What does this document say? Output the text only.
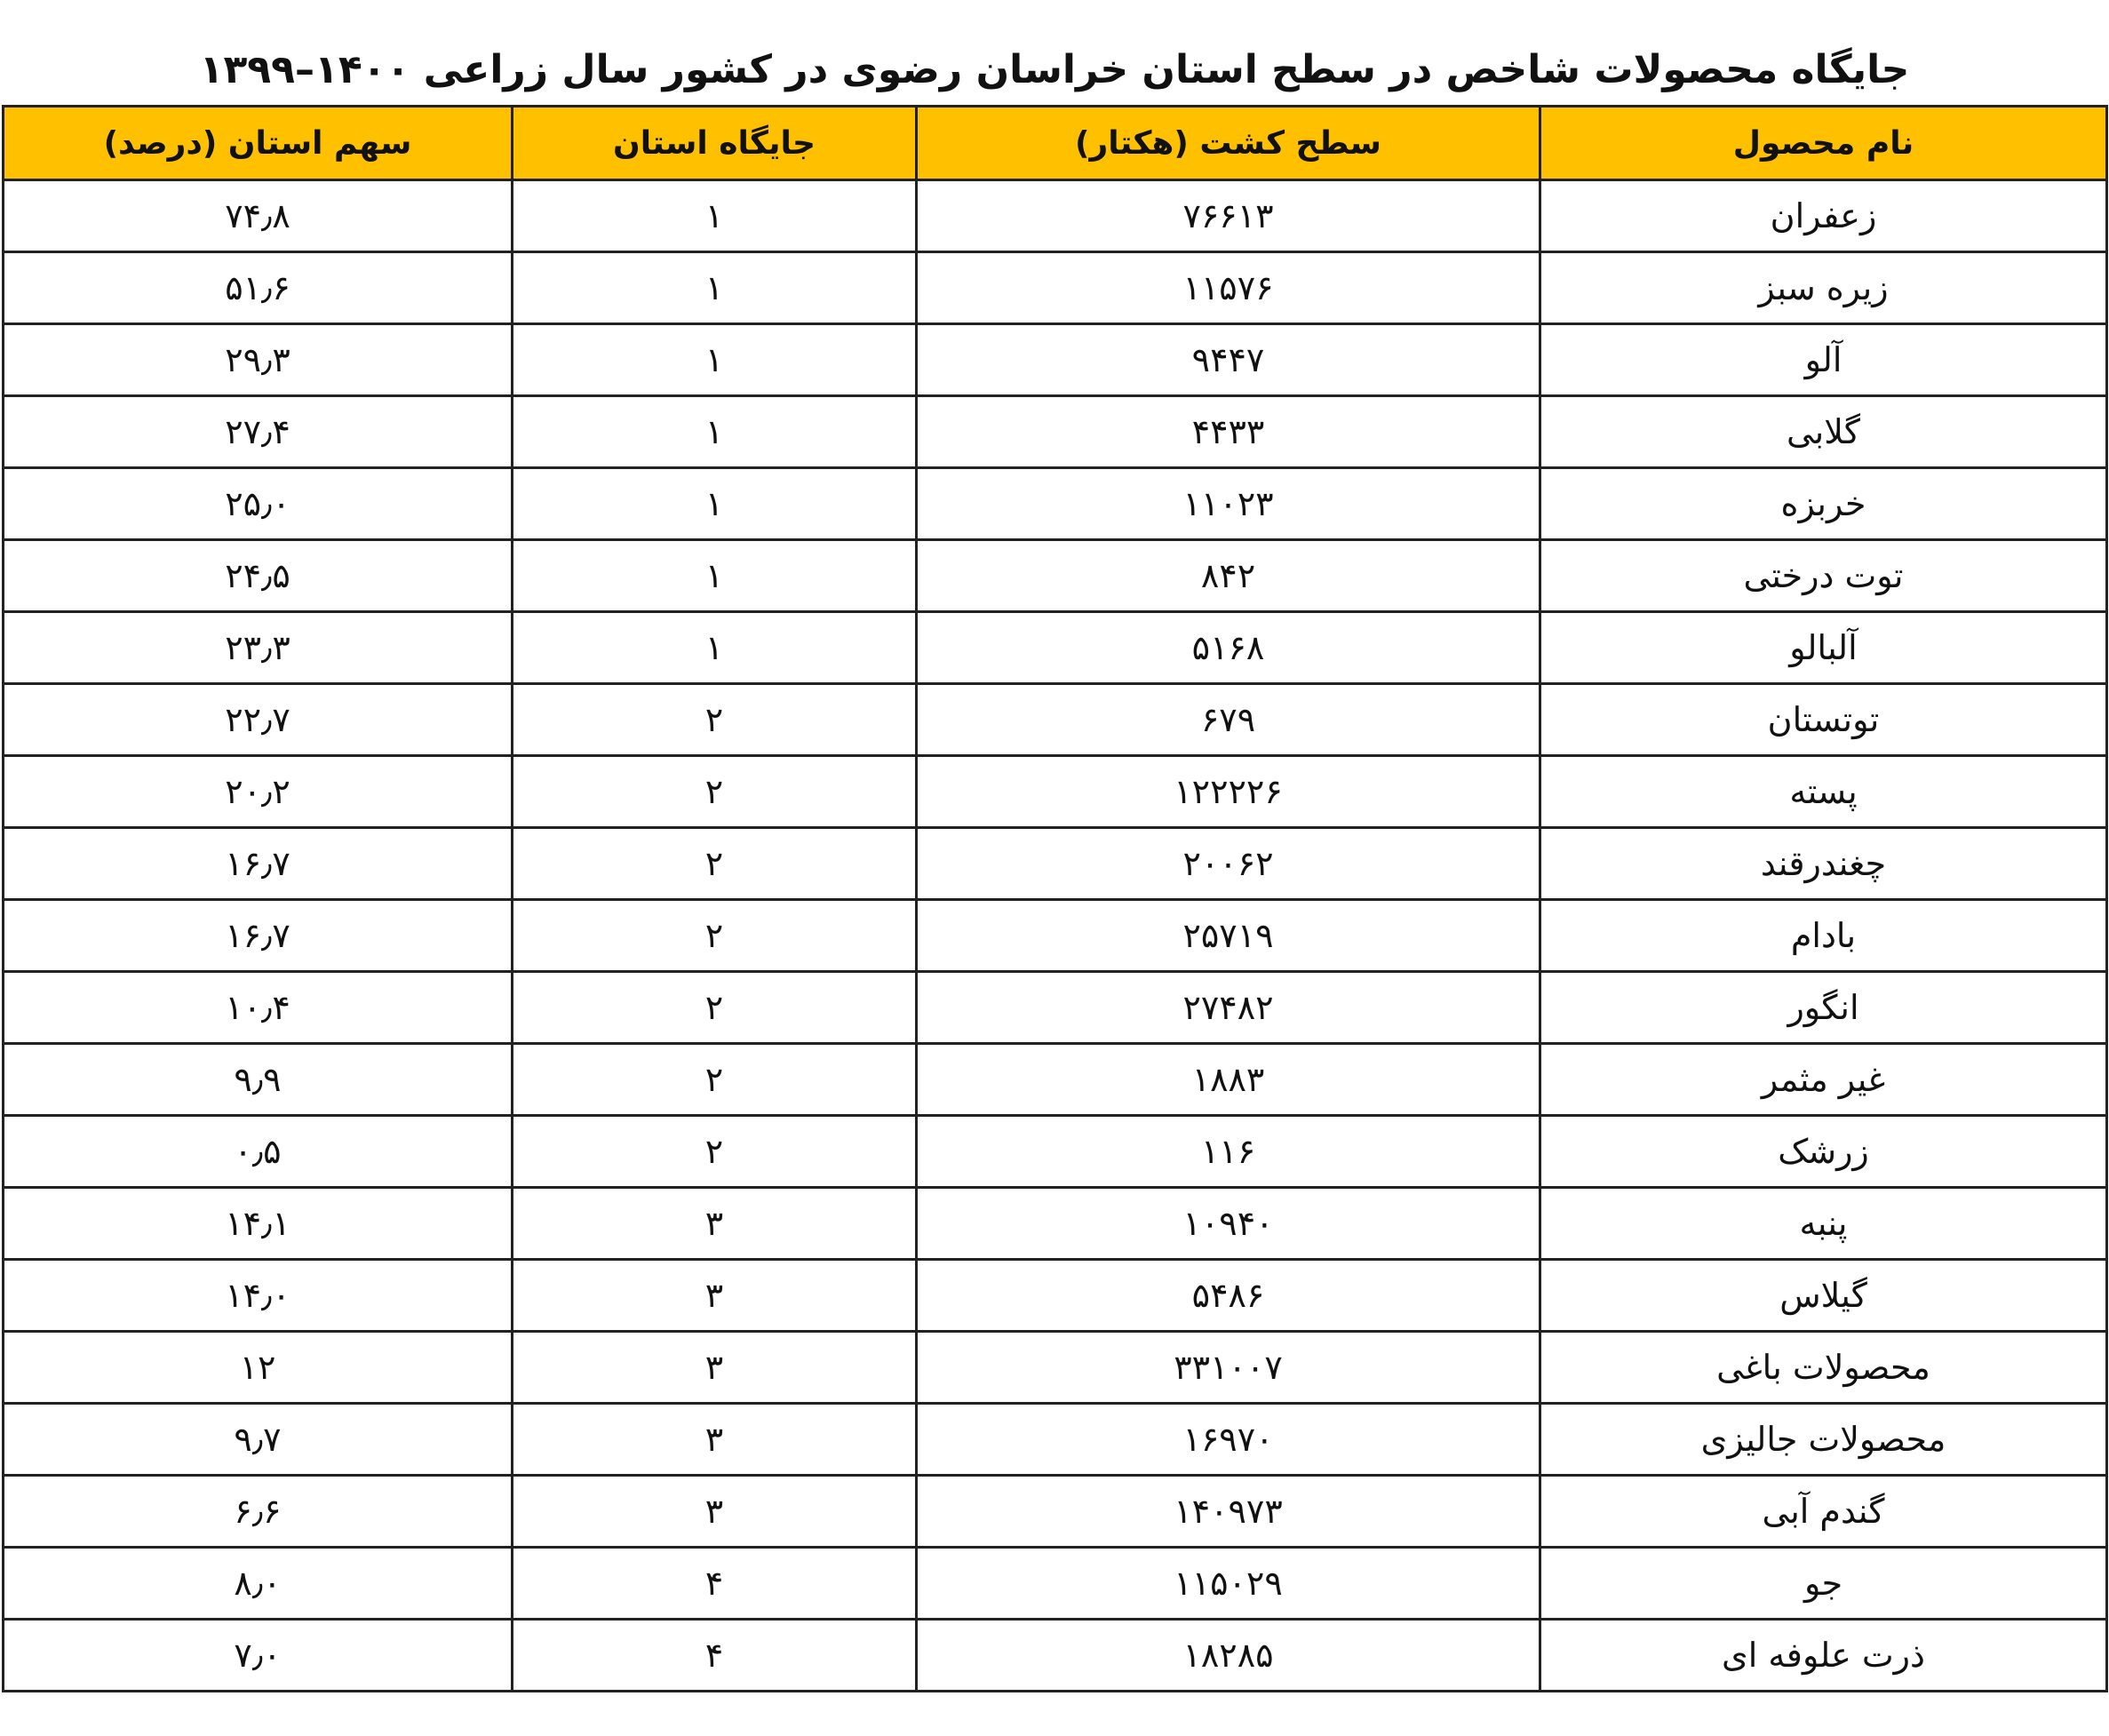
جایگاه محصولات شاخص در سطح استان خراسان رضوی در کشور سال زراعی ۱۴۰۰–۱۳۹۹
نام محصول	سطح کشت (هکتار)	جایگاه استان	سهم استان (درصد)
زعفران	۷۶۶۱۳	۱	۷۴٫۸
زیره سبز	۱۱۵۷۶	۱	۵۱٫۶
آلو	۹۴۴۷	۱	۲۹٫۳
گلابی	۴۴۳۳	۱	۲۷٫۴
خربزه	۱۱۰۲۳	۱	۲۵٫۰
توت درختی	۸۴۲	۱	۲۴٫۵
آلبالو	۵۱۶۸	۱	۲۳٫۳
توتستان	۶۷۹	۲	۲۲٫۷
پسته	۱۲۲۲۲۶	۲	۲۰٫۲
چغندرقند	۲۰۰۶۲	۲	۱۶٫۷
بادام	۲۵۷۱۹	۲	۱۶٫۷
انگور	۲۷۴۸۲	۲	۱۰٫۴
غیر مثمر	۱۸۸۳	۲	۹٫۹
زرشک	۱۱۶	۲	۰٫۵
پنبه	۱۰۹۴۰	۳	۱۴٫۱
گیلاس	۵۴۸۶	۳	۱۴٫۰
محصولات باغی	۳۳۱۰۰۷	۳	۱۲
محصولات جالیزی	۱۶۹۷۰	۳	۹٫۷
گندم آبی	۱۴۰۹۷۳	۳	۶٫۶
جو	۱۱۵۰۲۹	۴	۸٫۰
ذرت علوفه ای	۱۸۲۸۵	۴	۷٫۰
